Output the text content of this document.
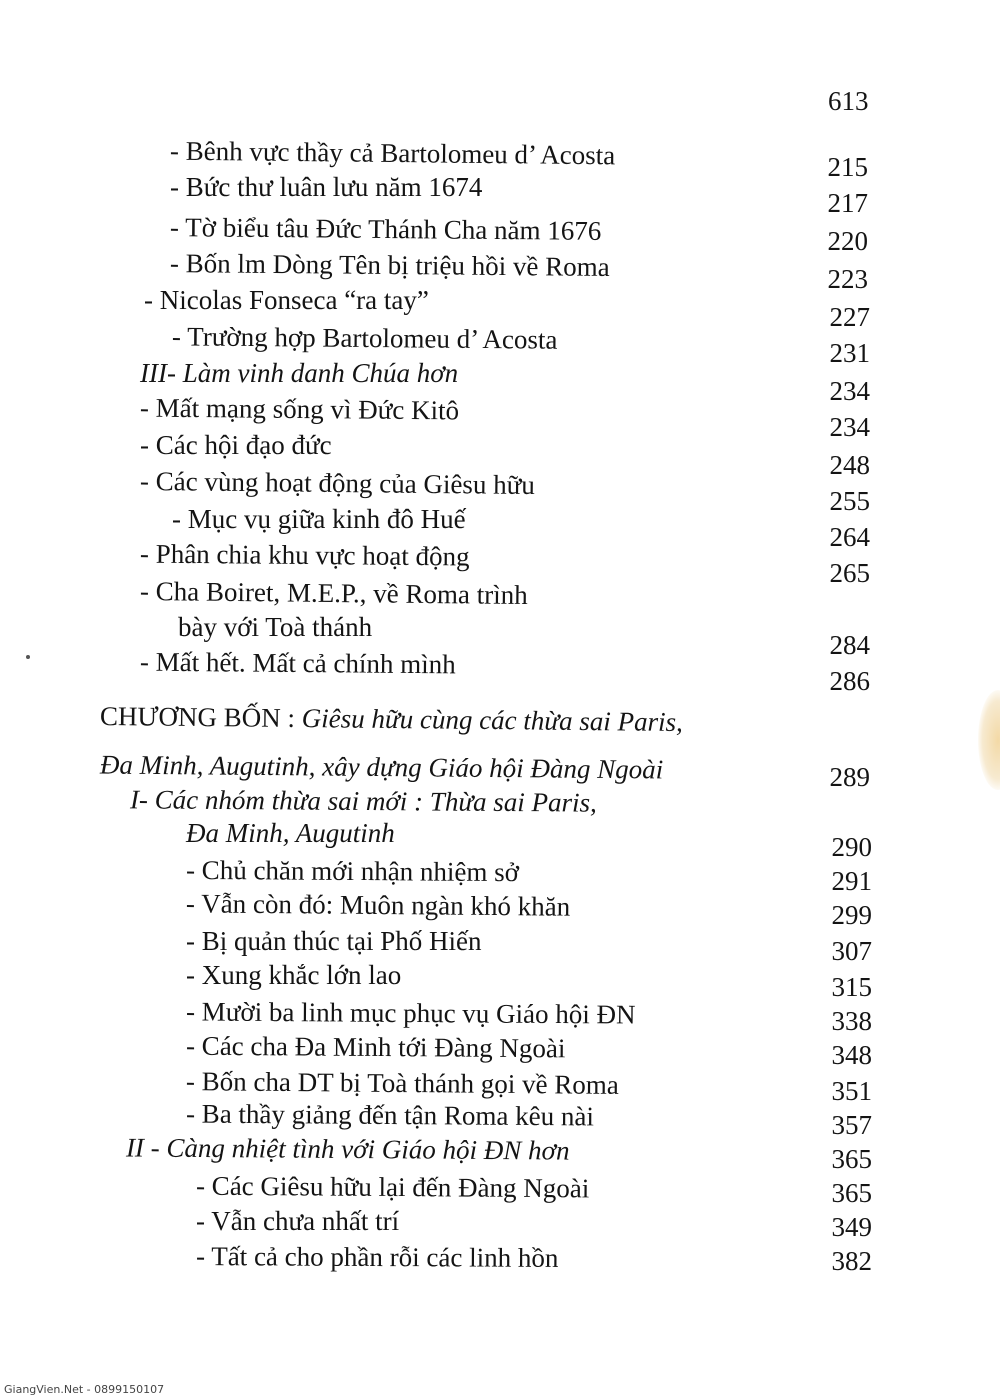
613
- Bênh vực thầy cả Bartolomeu d’ Acosta
- Bức thư luân lưu năm 1674
- Tờ biểu tâu Đức Thánh Cha năm 1676
- Bốn lm Dòng Tên bị triệu hồi về Roma
- Nicolas Fonseca “ra tay”
- Trường hợp Bartolomeu d’ Acosta
III- Làm vinh danh Chúa hơn
- Mất mạng sống vì Đức Kitô
- Các hội đạo đức
- Các vùng hoạt động của Giêsu hữu
- Mục vụ giữa kinh đô Huế
- Phân chia khu vực hoạt động
- Cha Boiret, M.E.P., về Roma trình
bày với Toà thánh
- Mất hết. Mất cả chính mình
CHƯƠNG BỐN : Giêsu hữu cùng các thừa sai Paris,
Đa Minh, Augutinh, xây dựng Giáo hội Đàng Ngoài
I- Các nhóm thừa sai mới : Thừa sai Paris,
Đa Minh, Augutinh
- Chủ chăn mới nhận nhiệm sở
- Vẫn còn đó: Muôn ngàn khó khăn
- Bị quản thúc tại Phố Hiến
- Xung khắc lớn lao
- Mười ba linh mục phục vụ Giáo hội ĐN
- Các cha Đa Minh tới Đàng Ngoài
- Bốn cha DT bị Toà thánh gọi về Roma
- Ba thầy giảng đến tận Roma kêu nài
II - Càng nhiệt tình với Giáo hội ĐN hơn
- Các Giêsu hữu lại đến Đàng Ngoài
- Vẫn chưa nhất trí
- Tất cả cho phần rỗi các linh hồn
215
217
220
223
227
231
234
234
248
255
264
265
284
286
289
290
291
299
307
315
338
348
351
357
365
365
349
382
GiangVien.Net - 0899150107
